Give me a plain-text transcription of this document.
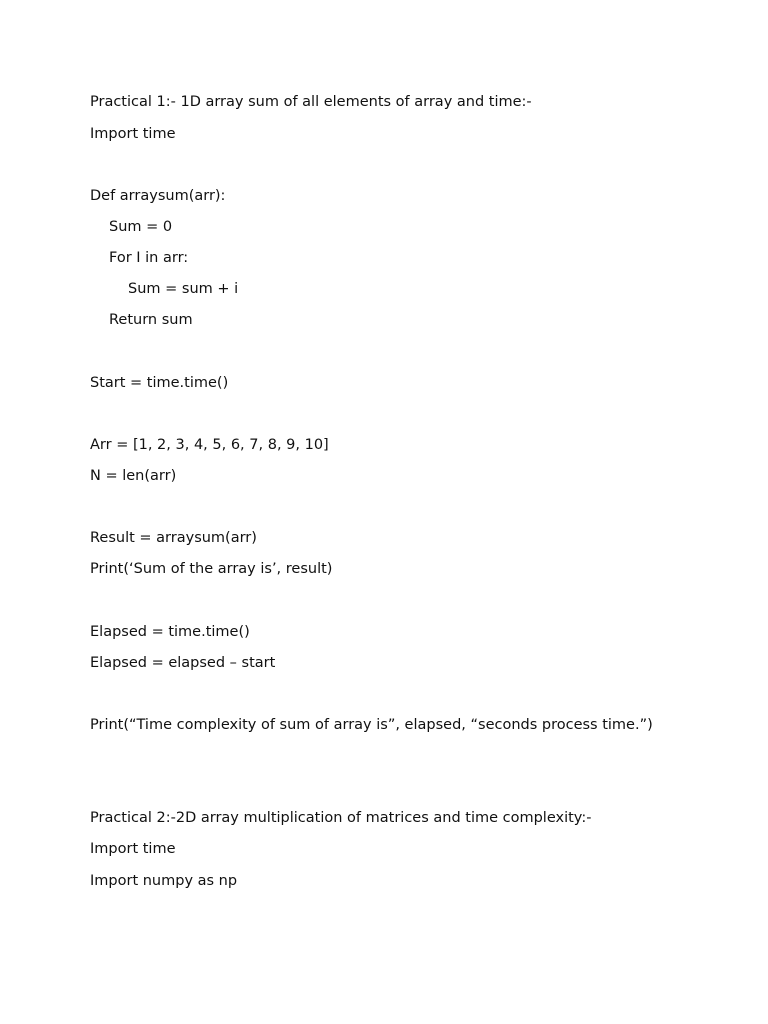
Practical 1:- 1D array sum of all elements of array and time:-

Import time

Def arraysum(arr):

Sum = 0

For I in arr:

Sum = sum + i

Return sum

Start = time.time()

Arr = [1, 2, 3, 4, 5, 6, 7, 8, 9, 10]

N = len(arr)

Result = arraysum(arr)

Print(‘Sum of the array is’, result)

Elapsed = time.time()

Elapsed = elapsed – start

Print(“Time complexity of sum of array is”, elapsed, “seconds process time.”)

Practical 2:-2D array multiplication of matrices and time complexity:-

Import time

Import numpy as np
